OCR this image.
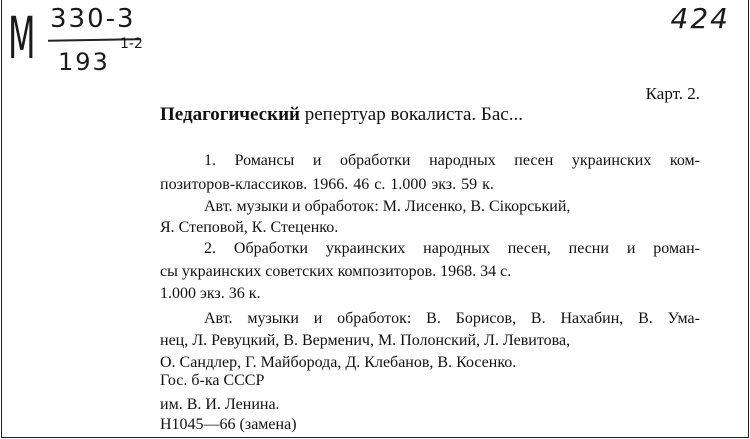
M 330-3
193
1-2
424
Карт. 2.
Педагогический репертуар вокалиста. Бас...
1. Романсы и обработки народных песен украинских ком-
позиторов-классиков. 1966. 46 с. 1.000 экз. 59 к.
Авт. музыки и обработок: М. Лисенко, В. Сікорський,
Я. Степовой, К. Стеценко.
2. Обработки украинских народных песен, песни и роман-
сы украинских советских композиторов. 1968. 34 с.
1.000 экз. 36 к.
Авт. музыки и обработок: В. Борисов, В. Нахабин, В. Ума-
нец, Л. Ревуцкий, В. Верменич, М. Полонский, Л. Левитова,
О. Сандлер, Г. Майборода, Д. Клебанов, В. Косенко.
Гос. б-ка СССР
им. В. И. Ленина.
Н1045—66 (замена)
